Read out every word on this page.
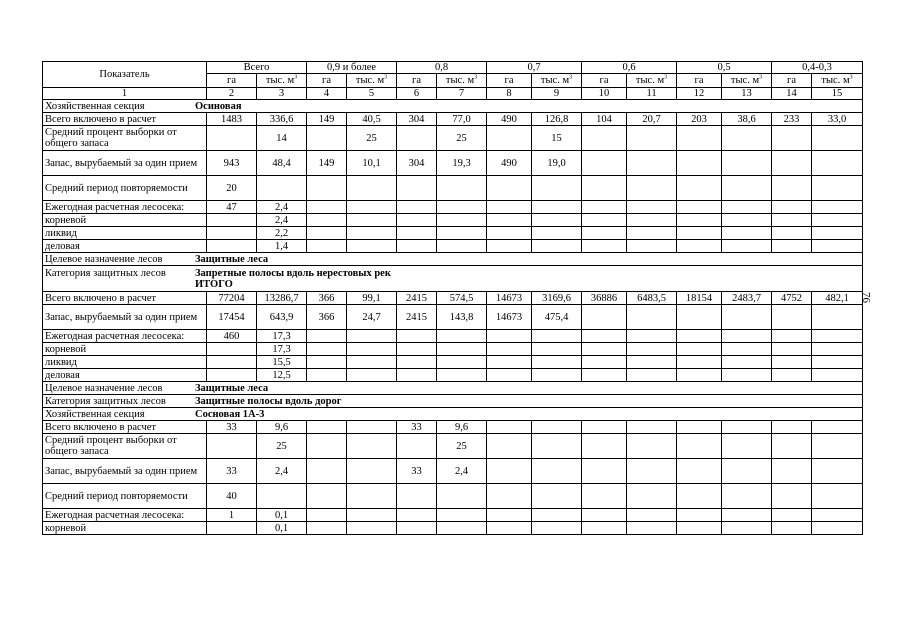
Показатель	Всего		0,9 и более		0,8		0,7		0,6		0,5		0,4-0,3	
	га	тыс. $м^3$	га	тыс. $м^3$	га	тыс. $м^3$	га	тыс. $м^3$	га	тыс. $м^3$	га	тыс. $м^3$	га	тыс. $м^3$
1	2	3	4	5	6	7	8	9	10	11	12	13	14	15
Хозяйственная секция Осиновая														
Всего включено в расчет	1483	336,6	149	40,5	304	77,0	490	126,8	104	20,7	203	38,6	233	33,0
Средний процент выборки от общего запаса		14		25		25		15						
Запас, вырубаемый за один прием	943	48,4	149	10,1	304	19,3	490	19,0						
Средний период повторяемости	20													
Ежегодная расчетная лесосека:	47	2,4												
корневой		2,4												
ликвид		2,2												
деловая		1,4												
Целевое назначение лесов Защитные леса														
Категория защитных лесов Запретные полосы вдоль нерестовых рек
ИТОГО														
Всего включено в расчет	77204	13286,7	366	99,1	2415	574,5	14673	3169,6	36886	6483,5	18154	2483,7	4752	482,1
Запас, вырубаемый за один прием	17454	643,9	366	24,7	2415	143,8	14673	475,4						
Ежегодная расчетная лесосека:	460	17,3												
корневой		17,3												
ликвид		15,5												
деловая		12,5												
Целевое назначение лесов Защитные леса														
Категория защитных лесов Защитные полосы вдоль дорог														
Хозяйственная секция Сосновая 1А-3														
Всего включено в расчет	33	9,6			33	9,6								
Средний процент выборки от общего запаса		25				25								
Запас, вырубаемый за один прием	33	2,4			33	2,4								
Средний период повторяемости	40													
Ежегодная расчетная лесосека:	1	0,1												
корневой		0,1												
76
